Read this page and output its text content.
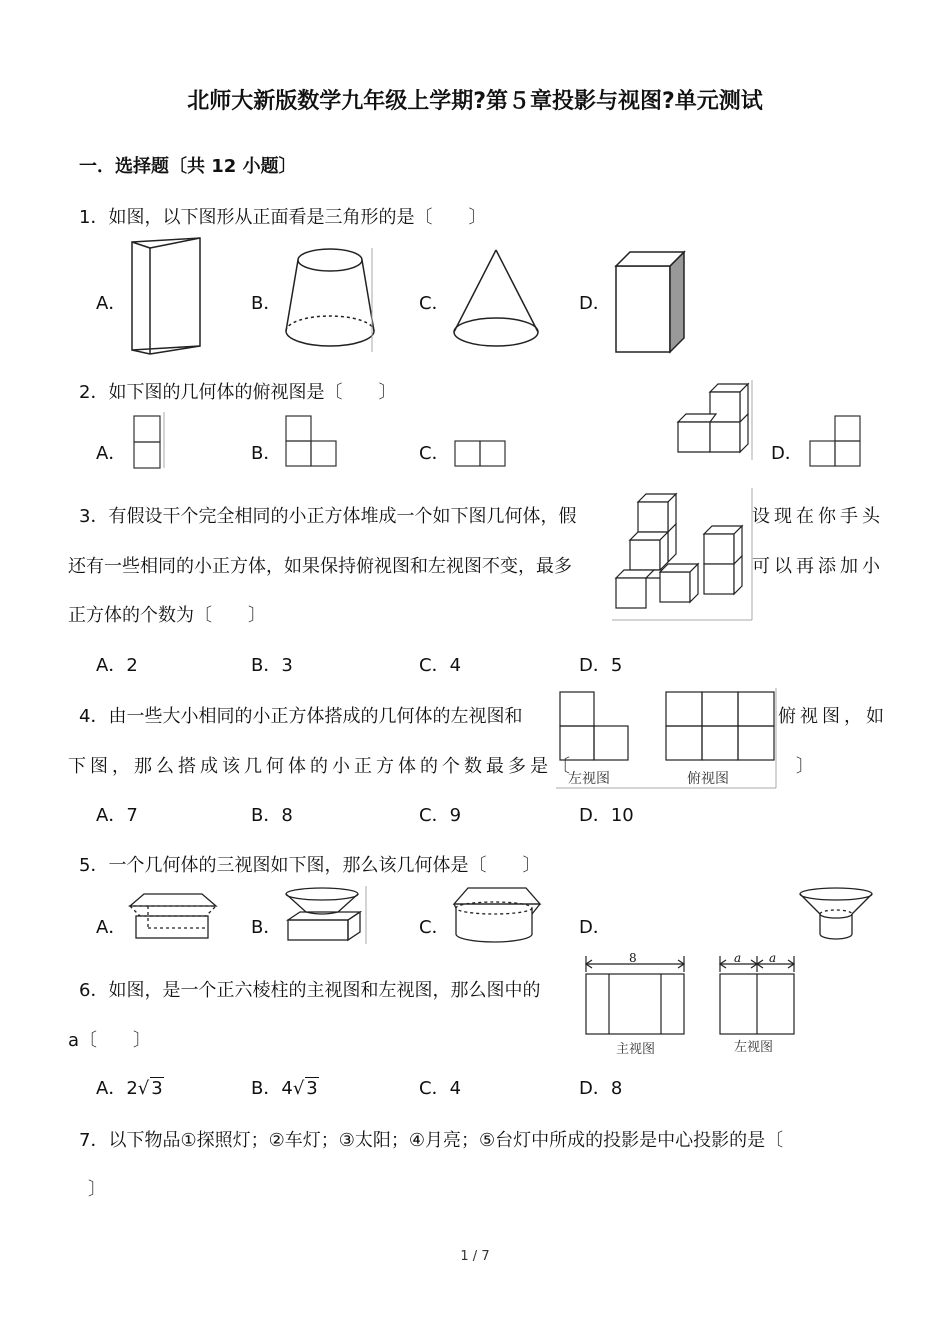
北师大新版数学九年级上学期?第５章投影与视图?单元测试
一．选择题〔共 12 小题〕
1．如图，以下图形从正面看是三角形的是〔　　〕
A．	B．	C．	D．
2．如下图的几何体的俯视图是〔　　〕
A．	B．	C．	D．
3．有假设干个完全相同的小正方体堆成一个如下图几何体，假	设现在你手头
还有一些相同的小正方体，如果保持俯视图和左视图不变，最多	可以再添加小
正方体的个数为〔　　〕
A．2	B．3	C．4	D．5
4．由一些大小相同的小正方体搭成的几何体的左视图和	俯视图，如
下图，那么搭成该几何体的小正方体的个数最多是〔	〕
左视图	俯视图
A．7	B．8	C．9	D．10
5．一个几何体的三视图如下图，那么该几何体是〔　　〕
A．	B．	C．	D．
6．如图，是一个正六棱柱的主视图和左视图，那么图中的
a〔　　〕
8
主视图
a a
左视图
A．2√ 3	B．4√ 3	C．4	D．8
7．以下物品①探照灯；②车灯；③太阳；④月亮；⑤台灯中所成的投影是中心投影的是〔
〕
1 / 7
